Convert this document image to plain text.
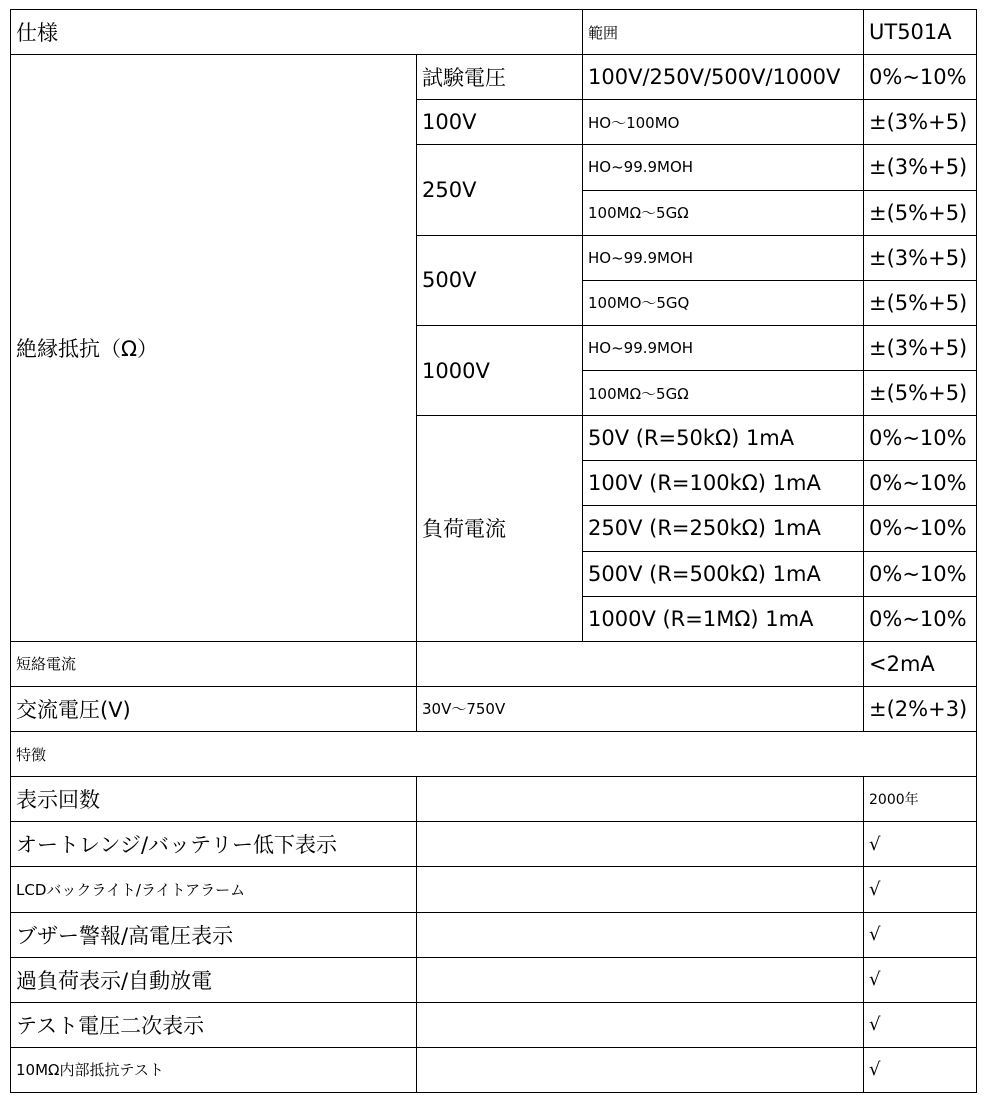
仕様		範囲	UT501A
絶縁抵抗（Ω）	試験電圧	100V/250V/500V/1000V	0%~10%
	100V	HO～100MO	±(3%+5)
	250V	HO~99.9MOH	±(3%+5)
		100MΩ～5GΩ	±(5%+5)
	500V	HO~99.9MOH	±(3%+5)
		100MO～5GQ	±(5%+5)
	1000V	HO~99.9MOH	±(3%+5)
		100MΩ～5GΩ	±(5%+5)
	負荷電流	50V (R=50kΩ) 1mA	0%~10%
		100V (R=100kΩ) 1mA	0%~10%
		250V (R=250kΩ) 1mA	0%~10%
		500V (R=500kΩ) 1mA	0%~10%
		1000V (R=1MΩ) 1mA	0%~10%
短絡電流			<2mA
交流電圧(V)	30V～750V		±(2%+3)
特徴			
表示回数			2000年
オートレンジ/バッテリー低下表示			√
LCDバックライト/ライトアラーム			√
ブザー警報/高電圧表示			√
過負荷表示/自動放電			√
テスト電圧二次表示			√
10MΩ内部抵抗テスト			√
